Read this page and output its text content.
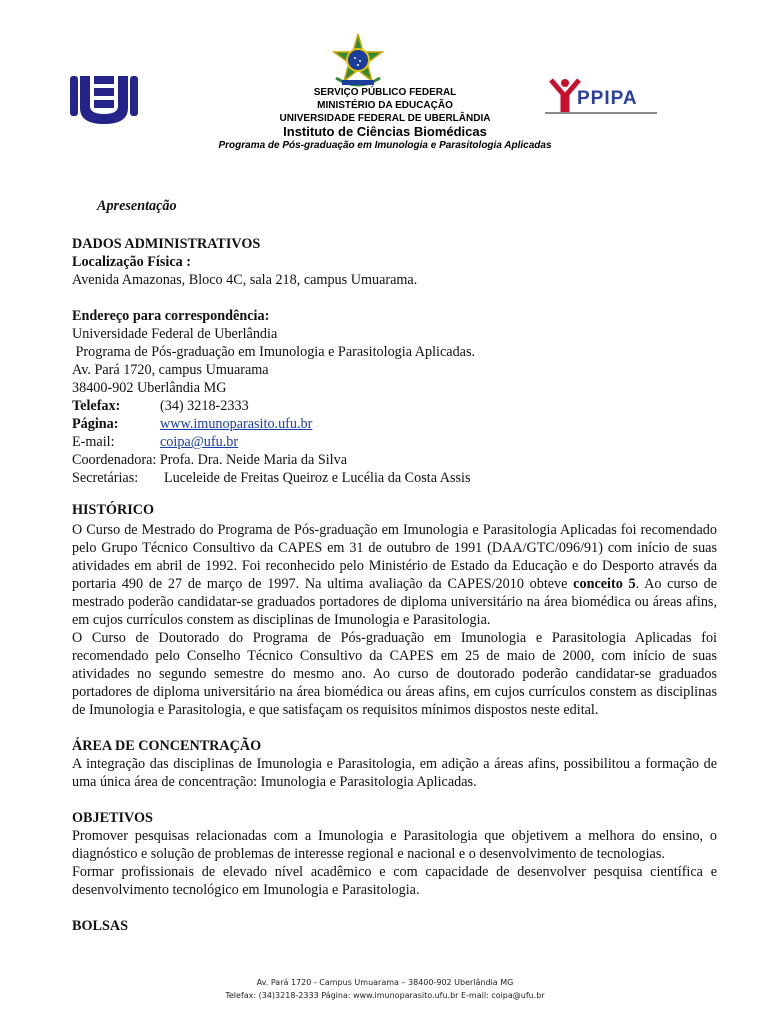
PPIPA
SERVIÇO PÚBLICO FEDERAL
MINISTÉRIO DA EDUCAÇÃO
UNIVERSIDADE FEDERAL DE UBERLÂNDIA
Instituto de Ciências Biomédicas
Programa de Pós-graduação em Imunologia e Parasitologia Aplicadas
Apresentação
DADOS ADMINISTRATIVOS
Localização Física :
Avenida Amazonas, Bloco 4C, sala 218, campus Umuarama.
Endereço para correspondência:
Universidade Federal de Uberlândia
Programa de Pós-graduação em Imunologia e Parasitologia Aplicadas.
Av. Pará 1720, campus Umuarama
38400-902 Uberlândia MG
Telefax:	(34) 3218-2333
Página:	www.imunoparasito.ufu.br
E-mail:	coipa@ufu.br
Coordenadora: Profa. Dra. Neide Maria da Silva
Secretárias: Luceleide de Freitas Queiroz e Lucélia da Costa Assis
HISTÓRICO
O Curso de Mestrado do Programa de Pós-graduação em Imunologia e Parasitologia Aplicadas foi recomendado pelo Grupo Técnico Consultivo da CAPES em 31 de outubro de 1991 (DAA/GTC/096/91) com início de suas atividades em abril de 1992. Foi reconhecido pelo Ministério de Estado da Educação e do Desporto através da portaria 490 de 27 de março de 1997. Na ultima avaliação da CAPES/2010 obteve conceito 5. Ao curso de mestrado poderão candidatar-se graduados portadores de diploma universitário na área biomédica ou áreas afins, em cujos currículos constem as disciplinas de Imunologia e Parasitologia.
O Curso de Doutorado do Programa de Pós-graduação em Imunologia e Parasitologia Aplicadas foi recomendado pelo Conselho Técnico Consultivo da CAPES em 25 de maio de 2000, com início de suas atividades no segundo semestre do mesmo ano. Ao curso de doutorado poderão candidatar-se graduados portadores de diploma universitário na área biomédica ou áreas afins, em cujos currículos constem as disciplinas de Imunologia e Parasitologia, e que satisfaçam os requisitos mínimos dispostos neste edital.
ÁREA DE CONCENTRAÇÃO
A integração das disciplinas de Imunologia e Parasitologia, em adição a áreas afins, possibilitou a formação de uma única área de concentração: Imunologia e Parasitologia Aplicadas.
OBJETIVOS
Promover pesquisas relacionadas com a Imunologia e Parasitologia que objetivem a melhora do ensino, o diagnóstico e solução de problemas de interesse regional e nacional e o desenvolvimento de tecnologias.
Formar profissionais de elevado nível acadêmico e com capacidade de desenvolver pesquisa científica e desenvolvimento tecnológico em Imunologia e Parasitologia.
BOLSAS
Av. Pará 1720 - Campus Umuarama – 38400-902 Uberlândia MG
Telefax: (34)3218-2333 Página: www.imunoparasito.ufu.br E-mail: coipa@ufu.br
